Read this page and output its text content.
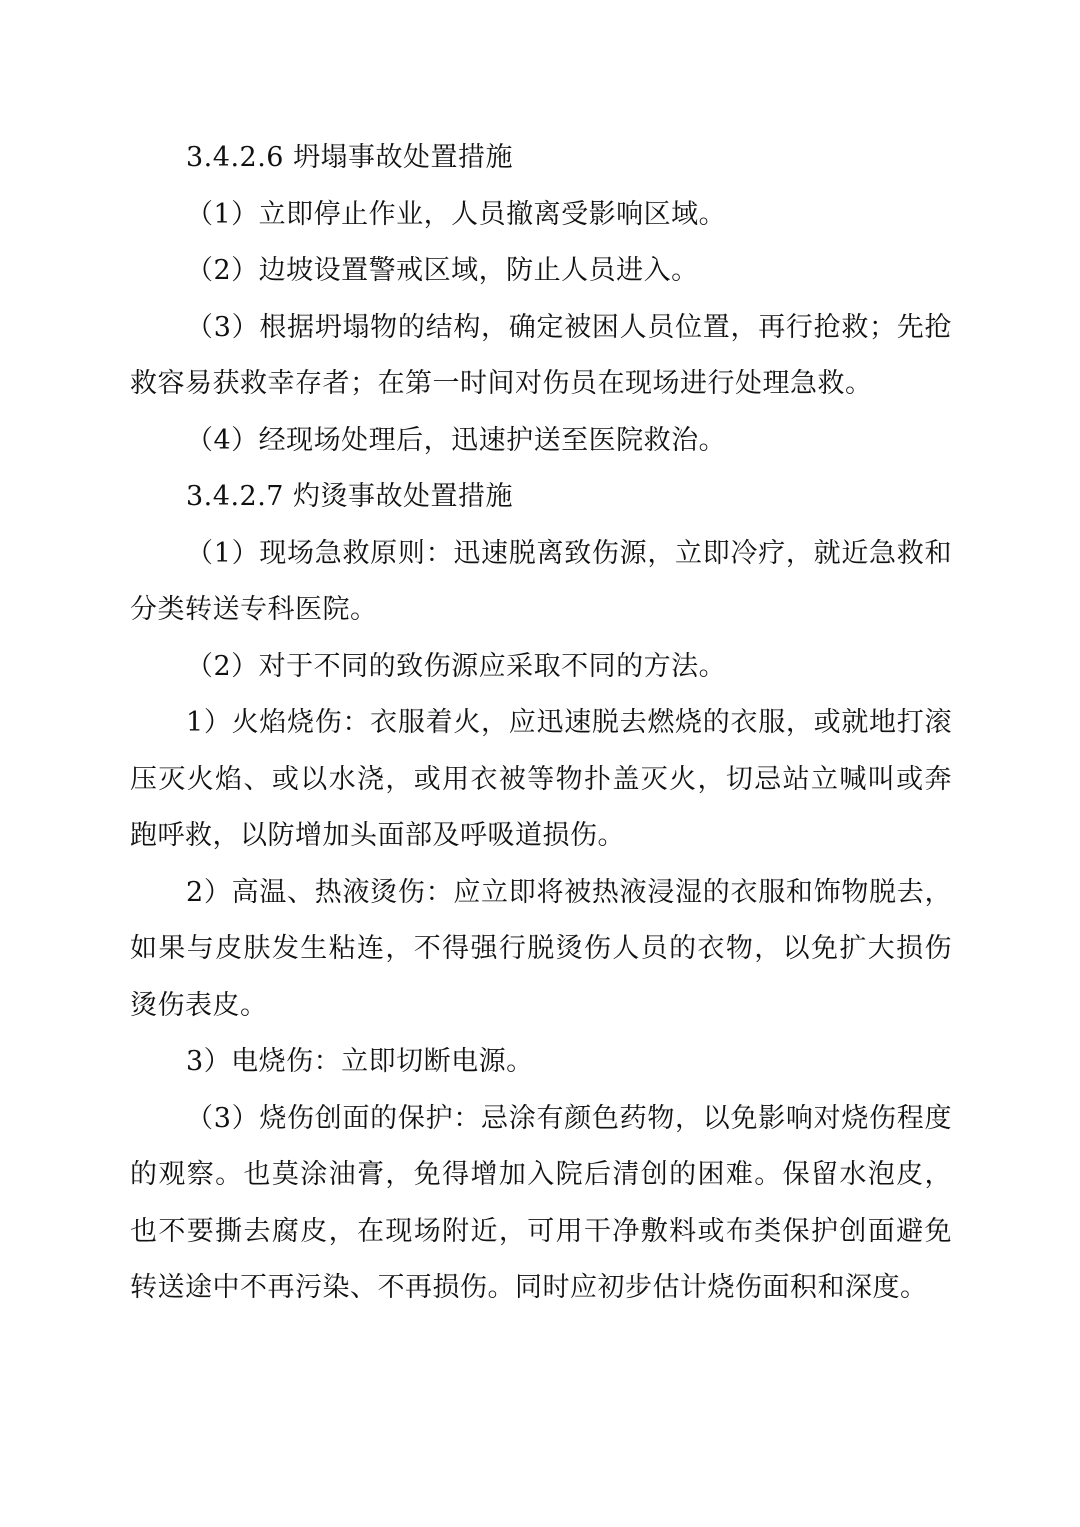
3.4.2.6 坍塌事故处置措施

（1）立即停止作业，人员撤离受影响区域。

（2）边坡设置警戒区域，防止人员进入。

（3）根据坍塌物的结构，确定被困人员位置，再行抢救；先抢救容易获救幸存者；在第一时间对伤员在现场进行处理急救。

（4）经现场处理后，迅速护送至医院救治。

3.4.2.7 灼烫事故处置措施

（1）现场急救原则：迅速脱离致伤源，立即冷疗，就近急救和分类转送专科医院。

（2）对于不同的致伤源应采取不同的方法。

1）火焰烧伤：衣服着火，应迅速脱去燃烧的衣服，或就地打滚压灭火焰、或以水浇，或用衣被等物扑盖灭火，切忌站立喊叫或奔跑呼救，以防增加头面部及呼吸道损伤。

2）高温、热液烫伤：应立即将被热液浸湿的衣服和饰物脱去，如果与皮肤发生粘连，不得强行脱烫伤人员的衣物，以免扩大损伤烫伤表皮。

3）电烧伤：立即切断电源。

（3）烧伤创面的保护：忌涂有颜色药物，以免影响对烧伤程度的观察。也莫涂油膏，免得增加入院后清创的困难。保留水泡皮，也不要撕去腐皮，在现场附近，可用干净敷料或布类保护创面避免转送途中不再污染、不再损伤。同时应初步估计烧伤面积和深度。
